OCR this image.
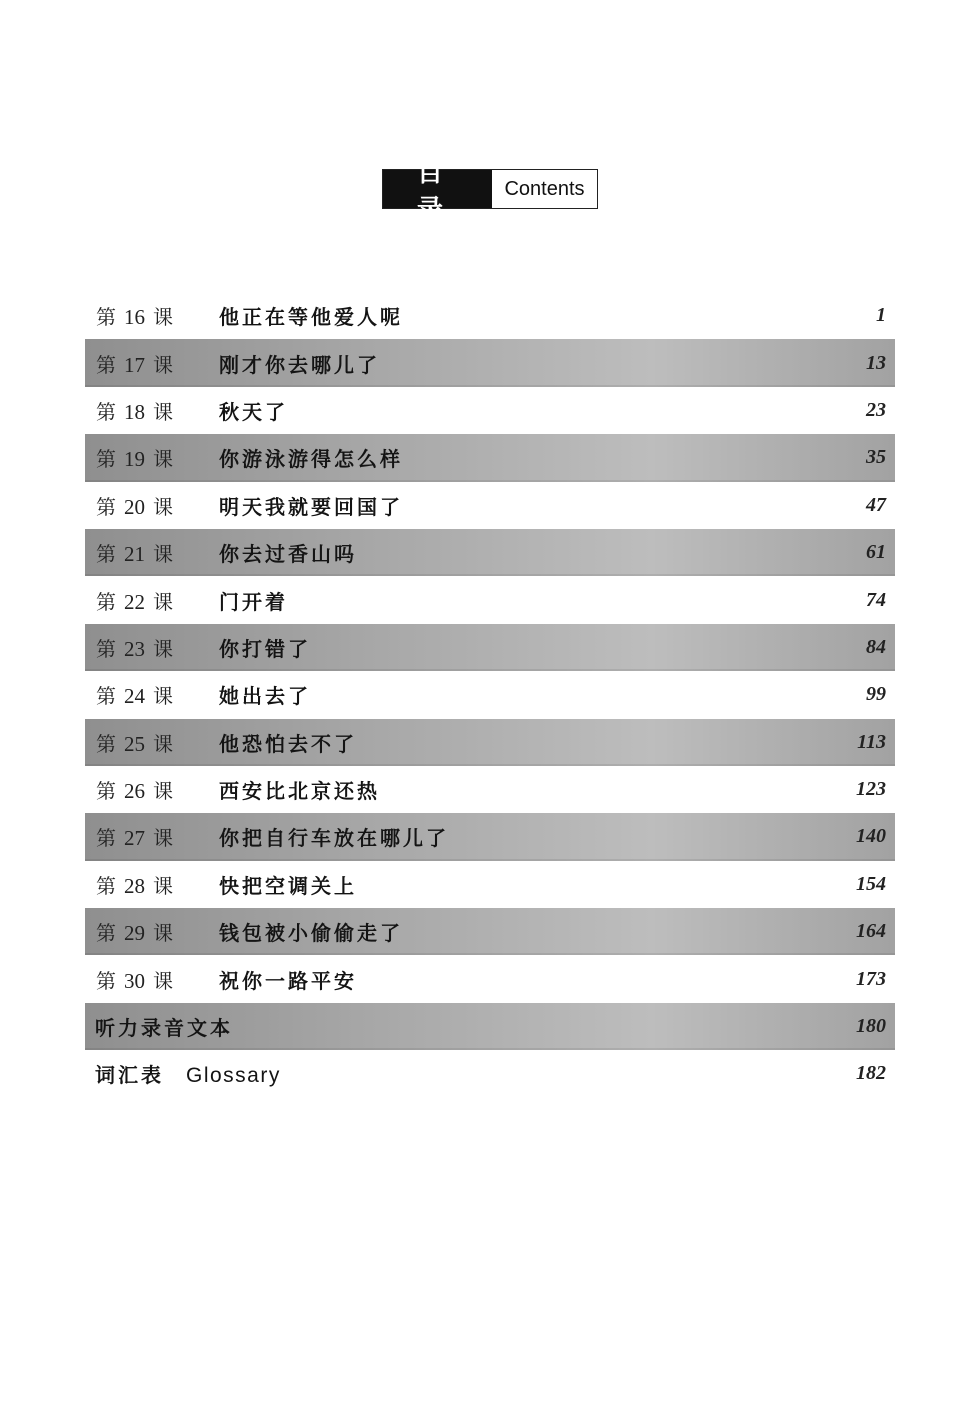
目录
Contents
第 16 课 他正在等他爱人呢	1
第 17 课 刚才你去哪儿了	13
第 18 课 秋天了	23
第 19 课 你游泳游得怎么样	35
第 20 课 明天我就要回国了	47
第 21 课 你去过香山吗	61
第 22 课 门开着	74
第 23 课 你打错了	84
第 24 课 她出去了	99
第 25 课 他恐怕去不了	113
第 26 课 西安比北京还热	123
第 27 课 你把自行车放在哪儿了	140
第 28 课 快把空调关上	154
第 29 课 钱包被小偷偷走了	164
第 30 课 祝你一路平安	173
听力录音文本	180
词汇表 Glossary	182
